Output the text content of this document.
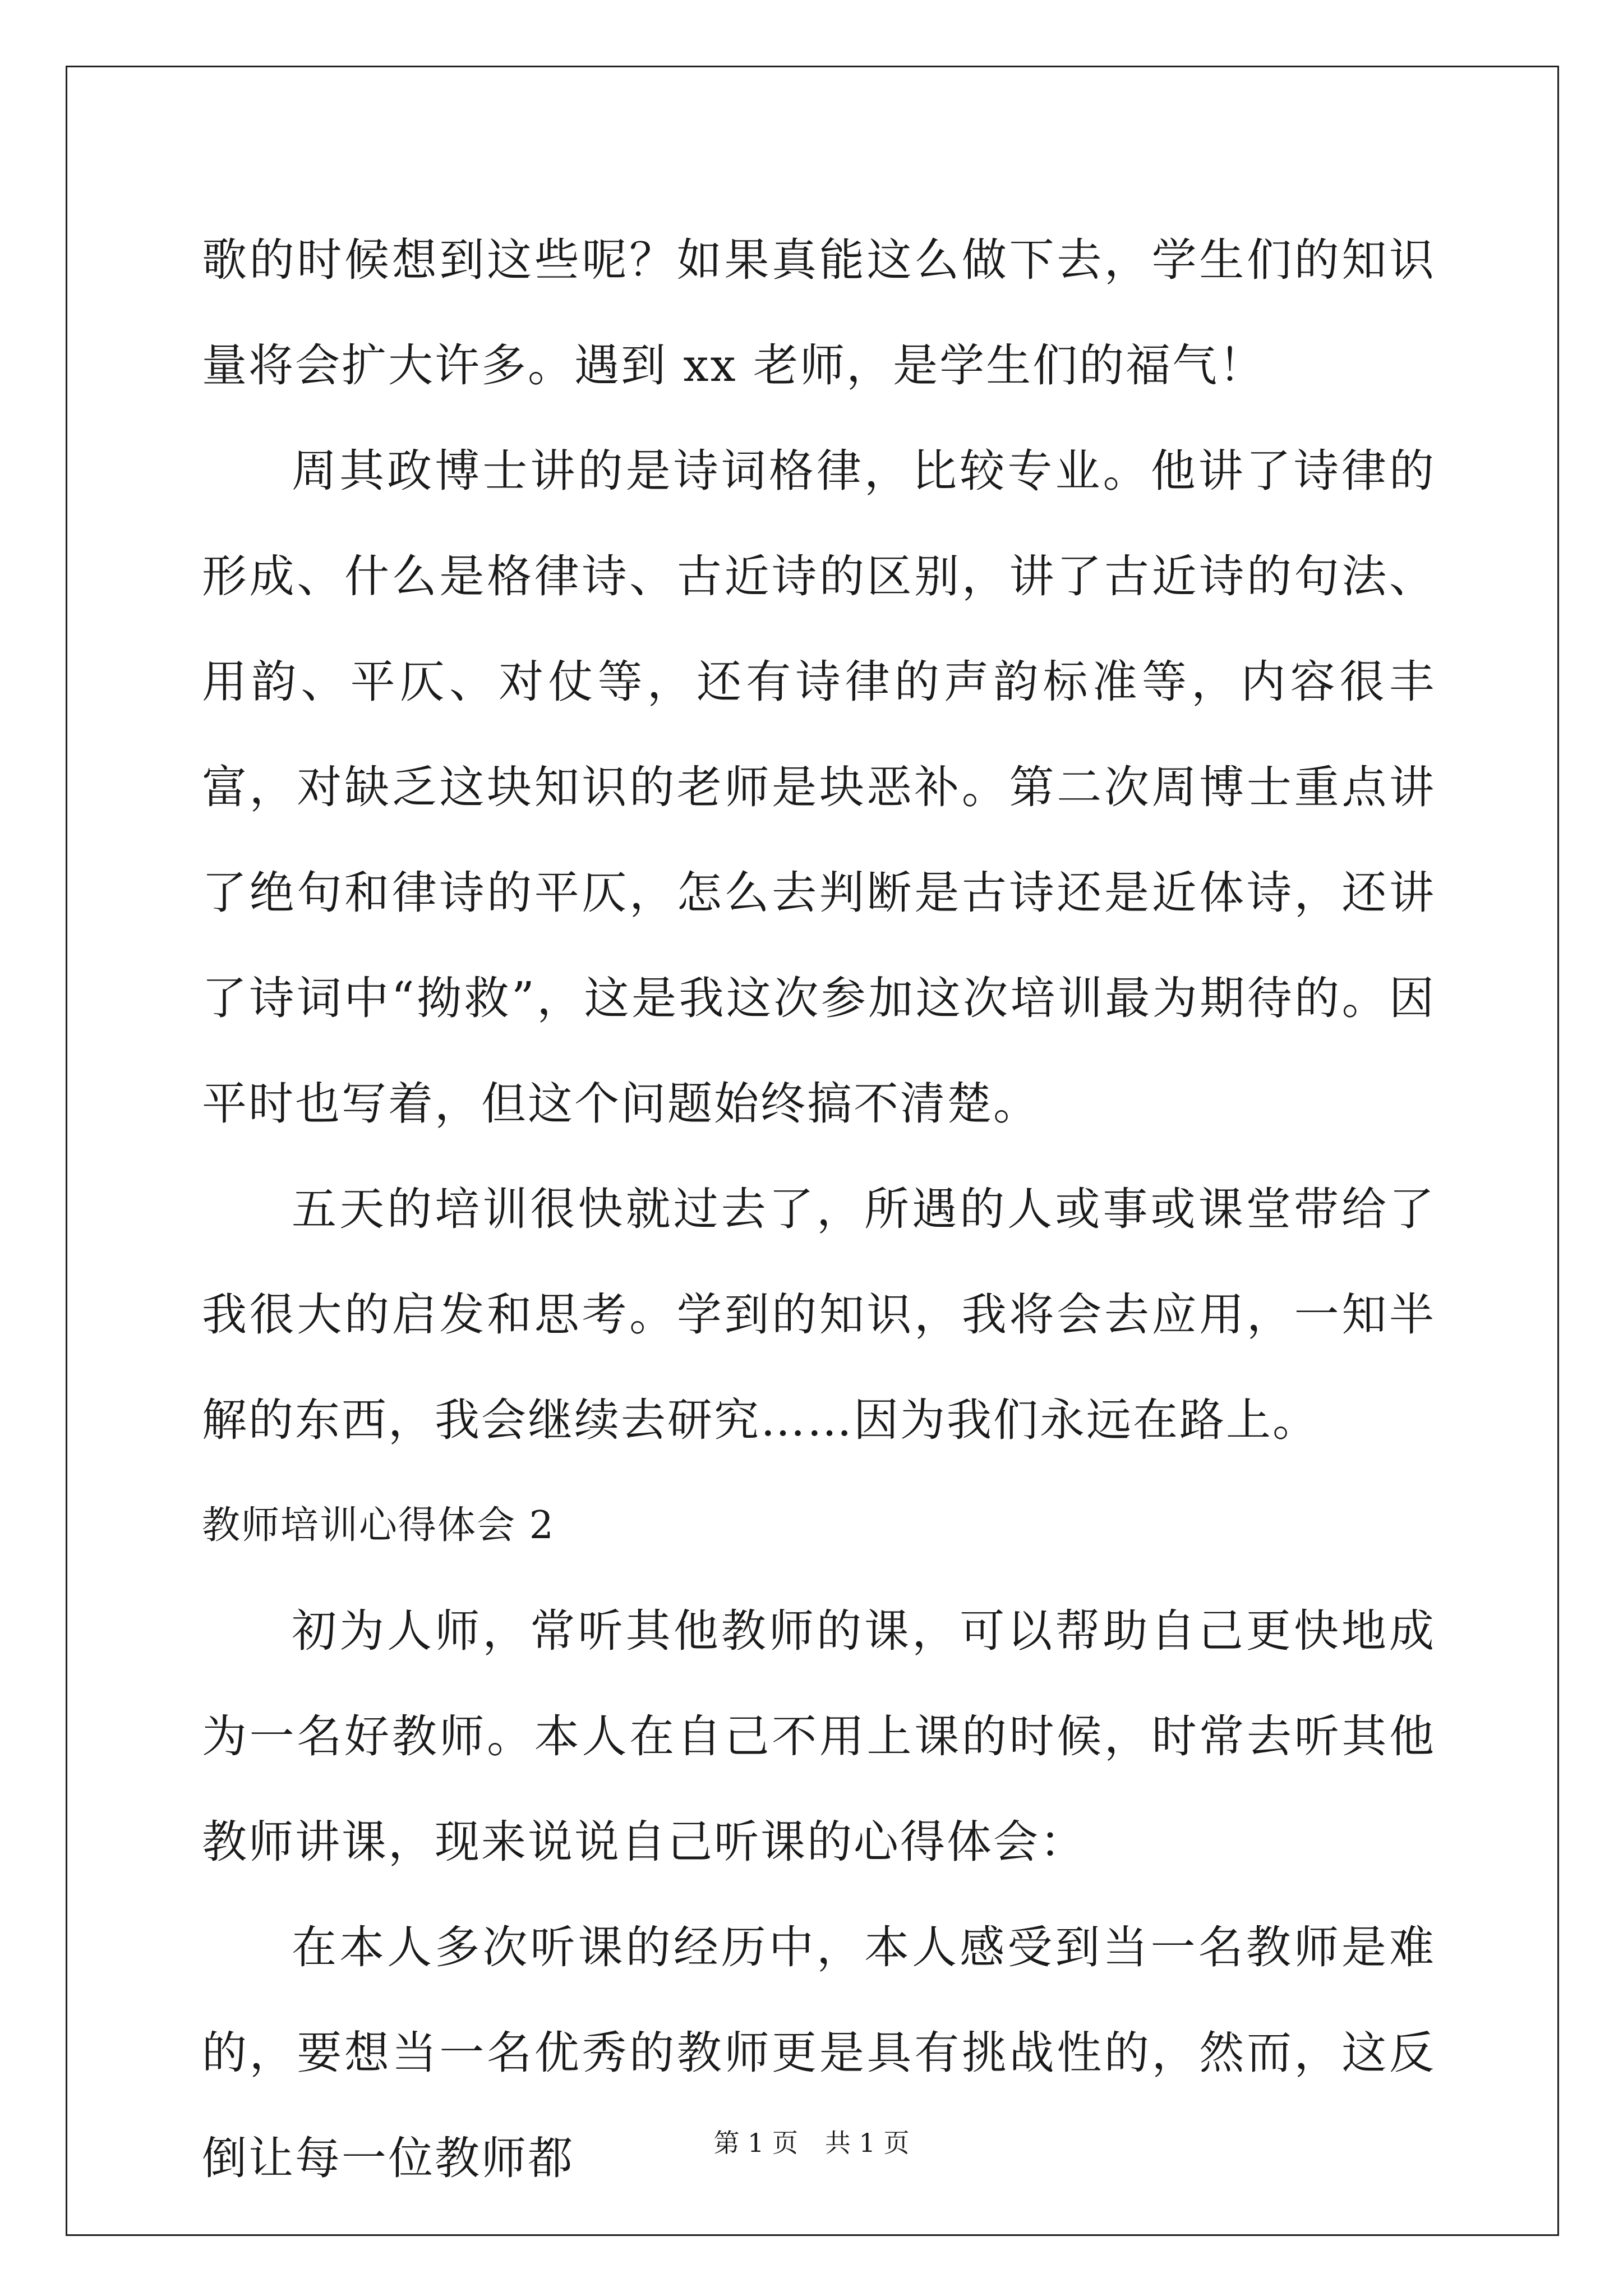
歌的时候想到这些呢？如果真能这么做下去，学生们的知识量将会扩大许多。遇到 xx 老师，是学生们的福气！

周其政博士讲的是诗词格律，比较专业。他讲了诗律的形成、什么是格律诗、古近诗的区别，讲了古近诗的句法、用韵、平仄、对仗等，还有诗律的声韵标准等，内容很丰富，对缺乏这块知识的老师是块恶补。第二次周博士重点讲了绝句和律诗的平仄，怎么去判断是古诗还是近体诗，还讲了诗词中“拗救”，这是我这次参加这次培训最为期待的。因平时也写着，但这个问题始终搞不清楚。

五天的培训很快就过去了，所遇的人或事或课堂带给了我很大的启发和思考。学到的知识，我将会去应用，一知半解的东西，我会继续去研究……因为我们永远在路上。

教师培训心得体会 2

初为人师，常听其他教师的课，可以帮助自己更快地成为一名好教师。本人在自己不用上课的时候，时常去听其他教师讲课，现来说说自己听课的心得体会：

在本人多次听课的经历中，本人感受到当一名教师是难的，要想当一名优秀的教师更是具有挑战性的，然而，这反倒让每一位教师都	第 1 页 共 1 页
